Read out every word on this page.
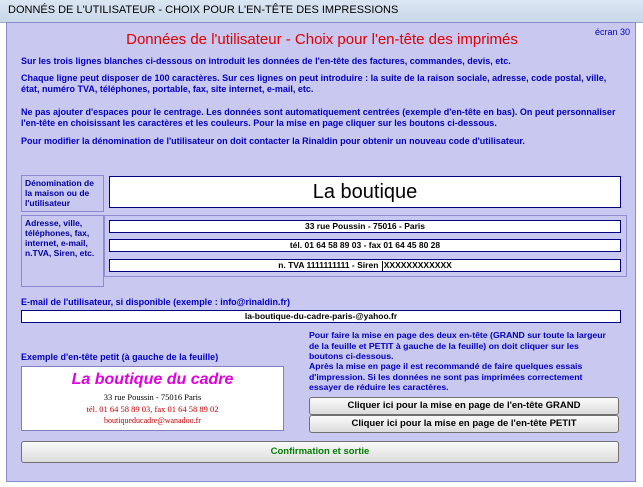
DONNÉS DE L'UTILISATEUR - CHOIX POUR L'EN-TÊTE DES IMPRESSIONS
écran 30
Données de l'utilisateur - Choix pour l'en-tête des imprimés
Sur les trois lignes blanches ci-dessous on introduit les données de l'en-tête des factures, commandes, devis, etc.
Chaque ligne peut disposer de 100 caractères. Sur ces lignes on peut introduire : la suite de la raison sociale, adresse, code postal, ville, état, numéro TVA, téléphones, portable, fax, site internet, e-mail, etc.
Ne pas ajouter d'espaces pour le centrage. Les données sont automatiquement centrées (exemple d'en-tête en bas). On peut personnaliser l'en-tête en choisissant les caractères et les couleurs. Pour la mise en page cliquer sur les boutons ci-dessous.
Pour modifier la dénomination de l'utilisateur on doit contacter la Rinaldin pour obtenir un nouveau code d'utilisateur.
Dénomination de la maison ou de l'utilisateur	La boutique
Adresse, ville, téléphones, fax, internet, e-mail, n.TVA, Siren, etc.
33 rue Poussin - 75016 - Paris
tél. 01 64 58 89 03 - fax 01 64 45 80 28
n. TVA 1111111111 - Siren XXXXXXXXXXXX
E-mail de l'utilisateur, si disponible (exemple : info@rinaldin.fr)
la-boutique-du-cadre-paris-@yahoo.fr
Exemple d'en-tête petit (à gauche de la feuille)
La boutique du cadre
33 rue Poussin - 75016 Paris
tél. 01 64 58 89 03, fax 01 64 58 89 02
boutiqueducadre@wanadoo.fr
Pour faire la mise en page des deux en-tête (GRAND sur toute la largeur de la feuille et PETIT à gauche de la feuille) on doit cliquer sur les boutons ci-dessous.
Après la mise en page il est recommandé de faire quelques essais d'impression. Si les données ne sont pas imprimées correctement essayer de réduire les caractères.
Cliquer ici pour la mise en page de l'en-tête GRAND
Cliquer ici pour la mise en page de l'en-tête PETIT
Confirmation et sortie
